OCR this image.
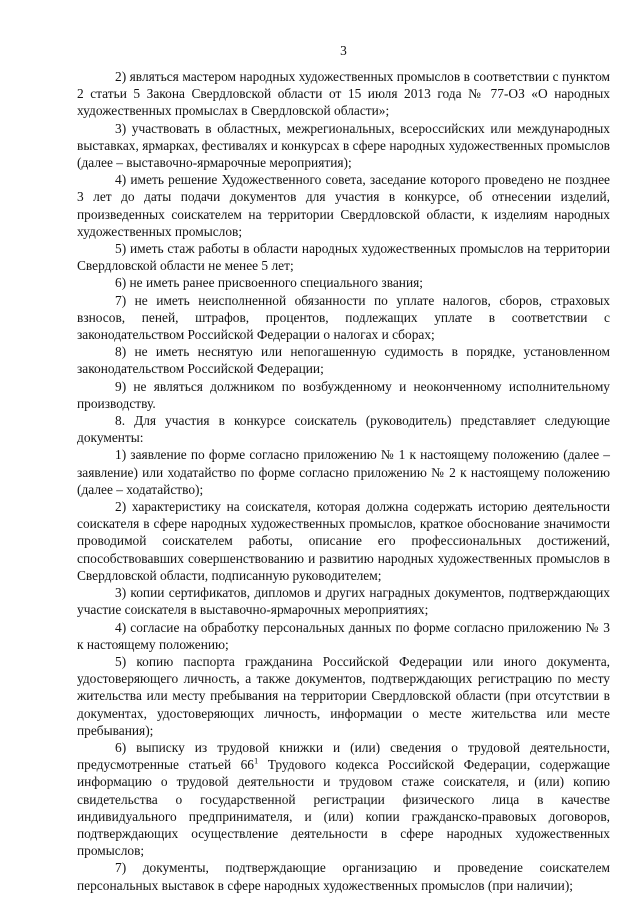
3

2) являться мастером народных художественных промыслов в соответствии с пунктом 2 статьи 5 Закона Свердловской области от 15 июля 2013 года № 77-ОЗ «О народных художественных промыслах в Свердловской области»;

3) участвовать в областных, межрегиональных, всероссийских или международных выставках, ярмарках, фестивалях и конкурсах в сфере народных художественных промыслов (далее – выставочно-ярмарочные мероприятия);

4) иметь решение Художественного совета, заседание которого проведено не позднее 3 лет до даты подачи документов для участия в конкурсе, об отнесении изделий, произведенных соискателем на территории Свердловской области, к изделиям народных художественных промыслов;

5) иметь стаж работы в области народных художественных промыслов на территории Свердловской области не менее 5 лет;

6) не иметь ранее присвоенного специального звания;

7) не иметь неисполненной обязанности по уплате налогов, сборов, страховых взносов, пеней, штрафов, процентов, подлежащих уплате в соответствии с законодательством Российской Федерации о налогах и сборах;

8) не иметь неснятую или непогашенную судимость в порядке, установленном законодательством Российской Федерации;

9) не являться должником по возбужденному и неоконченному исполнительному производству.

8. Для участия в конкурсе соискатель (руководитель) представляет следующие документы:

1) заявление по форме согласно приложению № 1 к настоящему положению (далее – заявление) или ходатайство по форме согласно приложению № 2 к настоящему положению (далее – ходатайство);

2) характеристику на соискателя, которая должна содержать историю деятельности соискателя в сфере народных художественных промыслов, краткое обоснование значимости проводимой соискателем работы, описание его профессиональных достижений, способствовавших совершенствованию и развитию народных художественных промыслов в Свердловской области, подписанную руководителем;

3) копии сертификатов, дипломов и других наградных документов, подтверждающих участие соискателя в выставочно-ярмарочных мероприятиях;

4) согласие на обработку персональных данных по форме согласно приложению № 3 к настоящему положению;

5) копию паспорта гражданина Российской Федерации или иного документа, удостоверяющего личность, а также документов, подтверждающих регистрацию по месту жительства или месту пребывания на территории Свердловской области (при отсутствии в документах, удостоверяющих личность, информации о месте жительства или месте пребывания);

6) выписку из трудовой книжки и (или) сведения о трудовой деятельности, предусмотренные статьей $66^1$ Трудового кодекса Российской Федерации, содержащие информацию о трудовой деятельности и трудовом стаже соискателя, и (или) копию свидетельства о государственной регистрации физического лица в качестве индивидуального предпринимателя, и (или) копии гражданско-правовых договоров, подтверждающих осуществление деятельности в сфере народных художественных промыслов;

7) документы, подтверждающие организацию и проведение соискателем персональных выставок в сфере народных художественных промыслов (при наличии);
